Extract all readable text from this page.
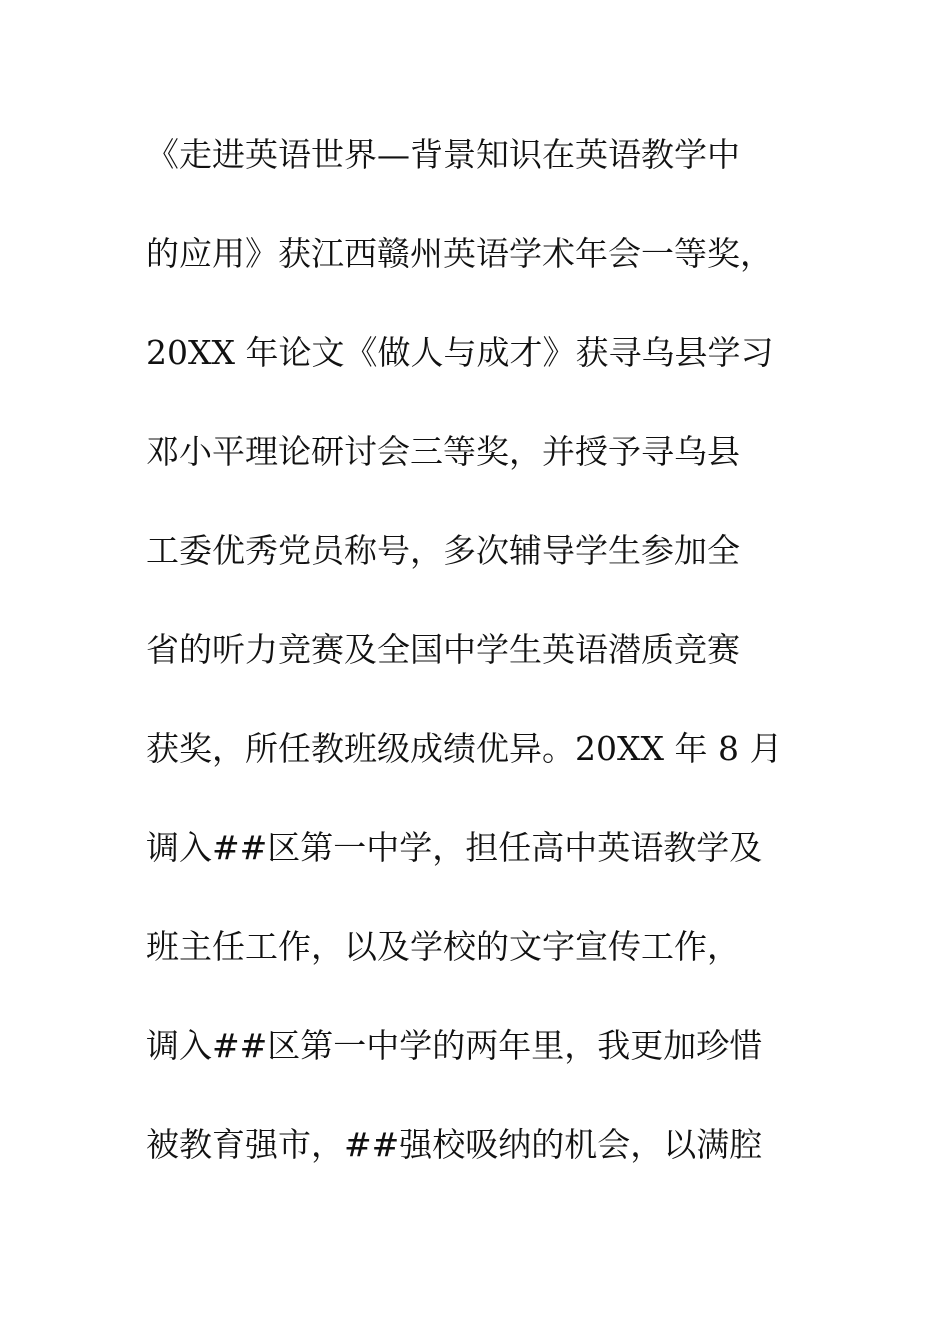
《走进英语世界—背景知识在英语教学中
的应用》获江西赣州英语学术年会一等奖，
20XX 年论文《做人与成才》获寻乌县学习
邓小平理论研讨会三等奖，并授予寻乌县
工委优秀党员称号，多次辅导学生参加全
省的听力竞赛及全国中学生英语潜质竞赛
获奖，所任教班级成绩优异。20XX 年 8 月
调入##区第一中学，担任高中英语教学及
班主任工作，以及学校的文字宣传工作，
调入##区第一中学的两年里，我更加珍惜
被教育强市，##强校吸纳的机会，以满腔
